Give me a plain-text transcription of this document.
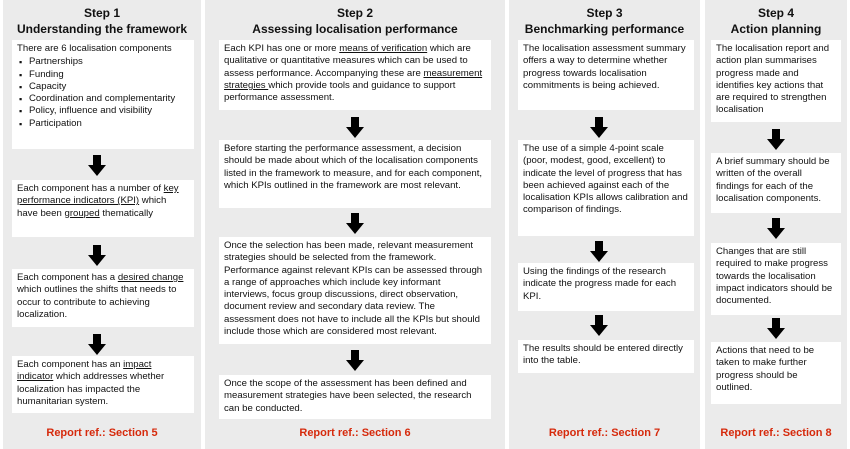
Step 1
Understanding the framework
There are 6 localisation components
▪ Partnerships
▪ Funding
▪ Capacity
▪ Coordination and complementarity
▪ Policy, influence and visibility
▪ Participation
Each component has a number of key performance indicators (KPI) which have been grouped thematically
Each component has a desired change which outlines the shifts that needs to occur to contribute to achieving localization.
Each component has an impact indicator which addresses whether localization has impacted the humanitarian system.
Report ref.: Section 5
Step 2
Assessing localisation performance
Each KPI has one or more means of verification which are qualitative or quantitative measures which can be used to assess performance. Accompanying these are measurement strategies which provide tools and guidance to support performance assessment.
Before starting the performance assessment, a decision should be made about which of the localisation components listed in the framework to measure, and for each component, which KPIs outlined in the framework are most relevant.
Once the selection has been made, relevant measurement strategies should be selected from the framework. Performance against relevant KPIs can be assessed through a range of approaches which include key informant interviews, focus group discussions, direct observation, document review and secondary data review. The assessment does not have to include all the KPIs but should include those which are considered most relevant.
Once the scope of the assessment has been defined and measurement strategies have been selected, the research can be conducted.
Report ref.: Section 6
Step 3
Benchmarking performance
The localisation assessment summary offers a way to determine whether progress towards localisation commitments is being achieved.
The use of a simple 4-point scale (poor, modest, good, excellent) to indicate the level of progress that has been achieved against each of the localisation KPIs allows calibration and comparison of findings.
Using the findings of the research indicate the progress made for each KPI.
The results should be entered directly into the table.
Report ref.: Section 7
Step 4
Action planning
The localisation report and action plan summarises progress made and identifies key actions that are required to strengthen localisation
A brief summary should be written of the overall findings for each of the localisation components.
Changes that are still required to make progress towards the localisation impact indicators should be documented.
Actions that need to be taken to make further progress should be outlined.
Report ref.: Section 8
